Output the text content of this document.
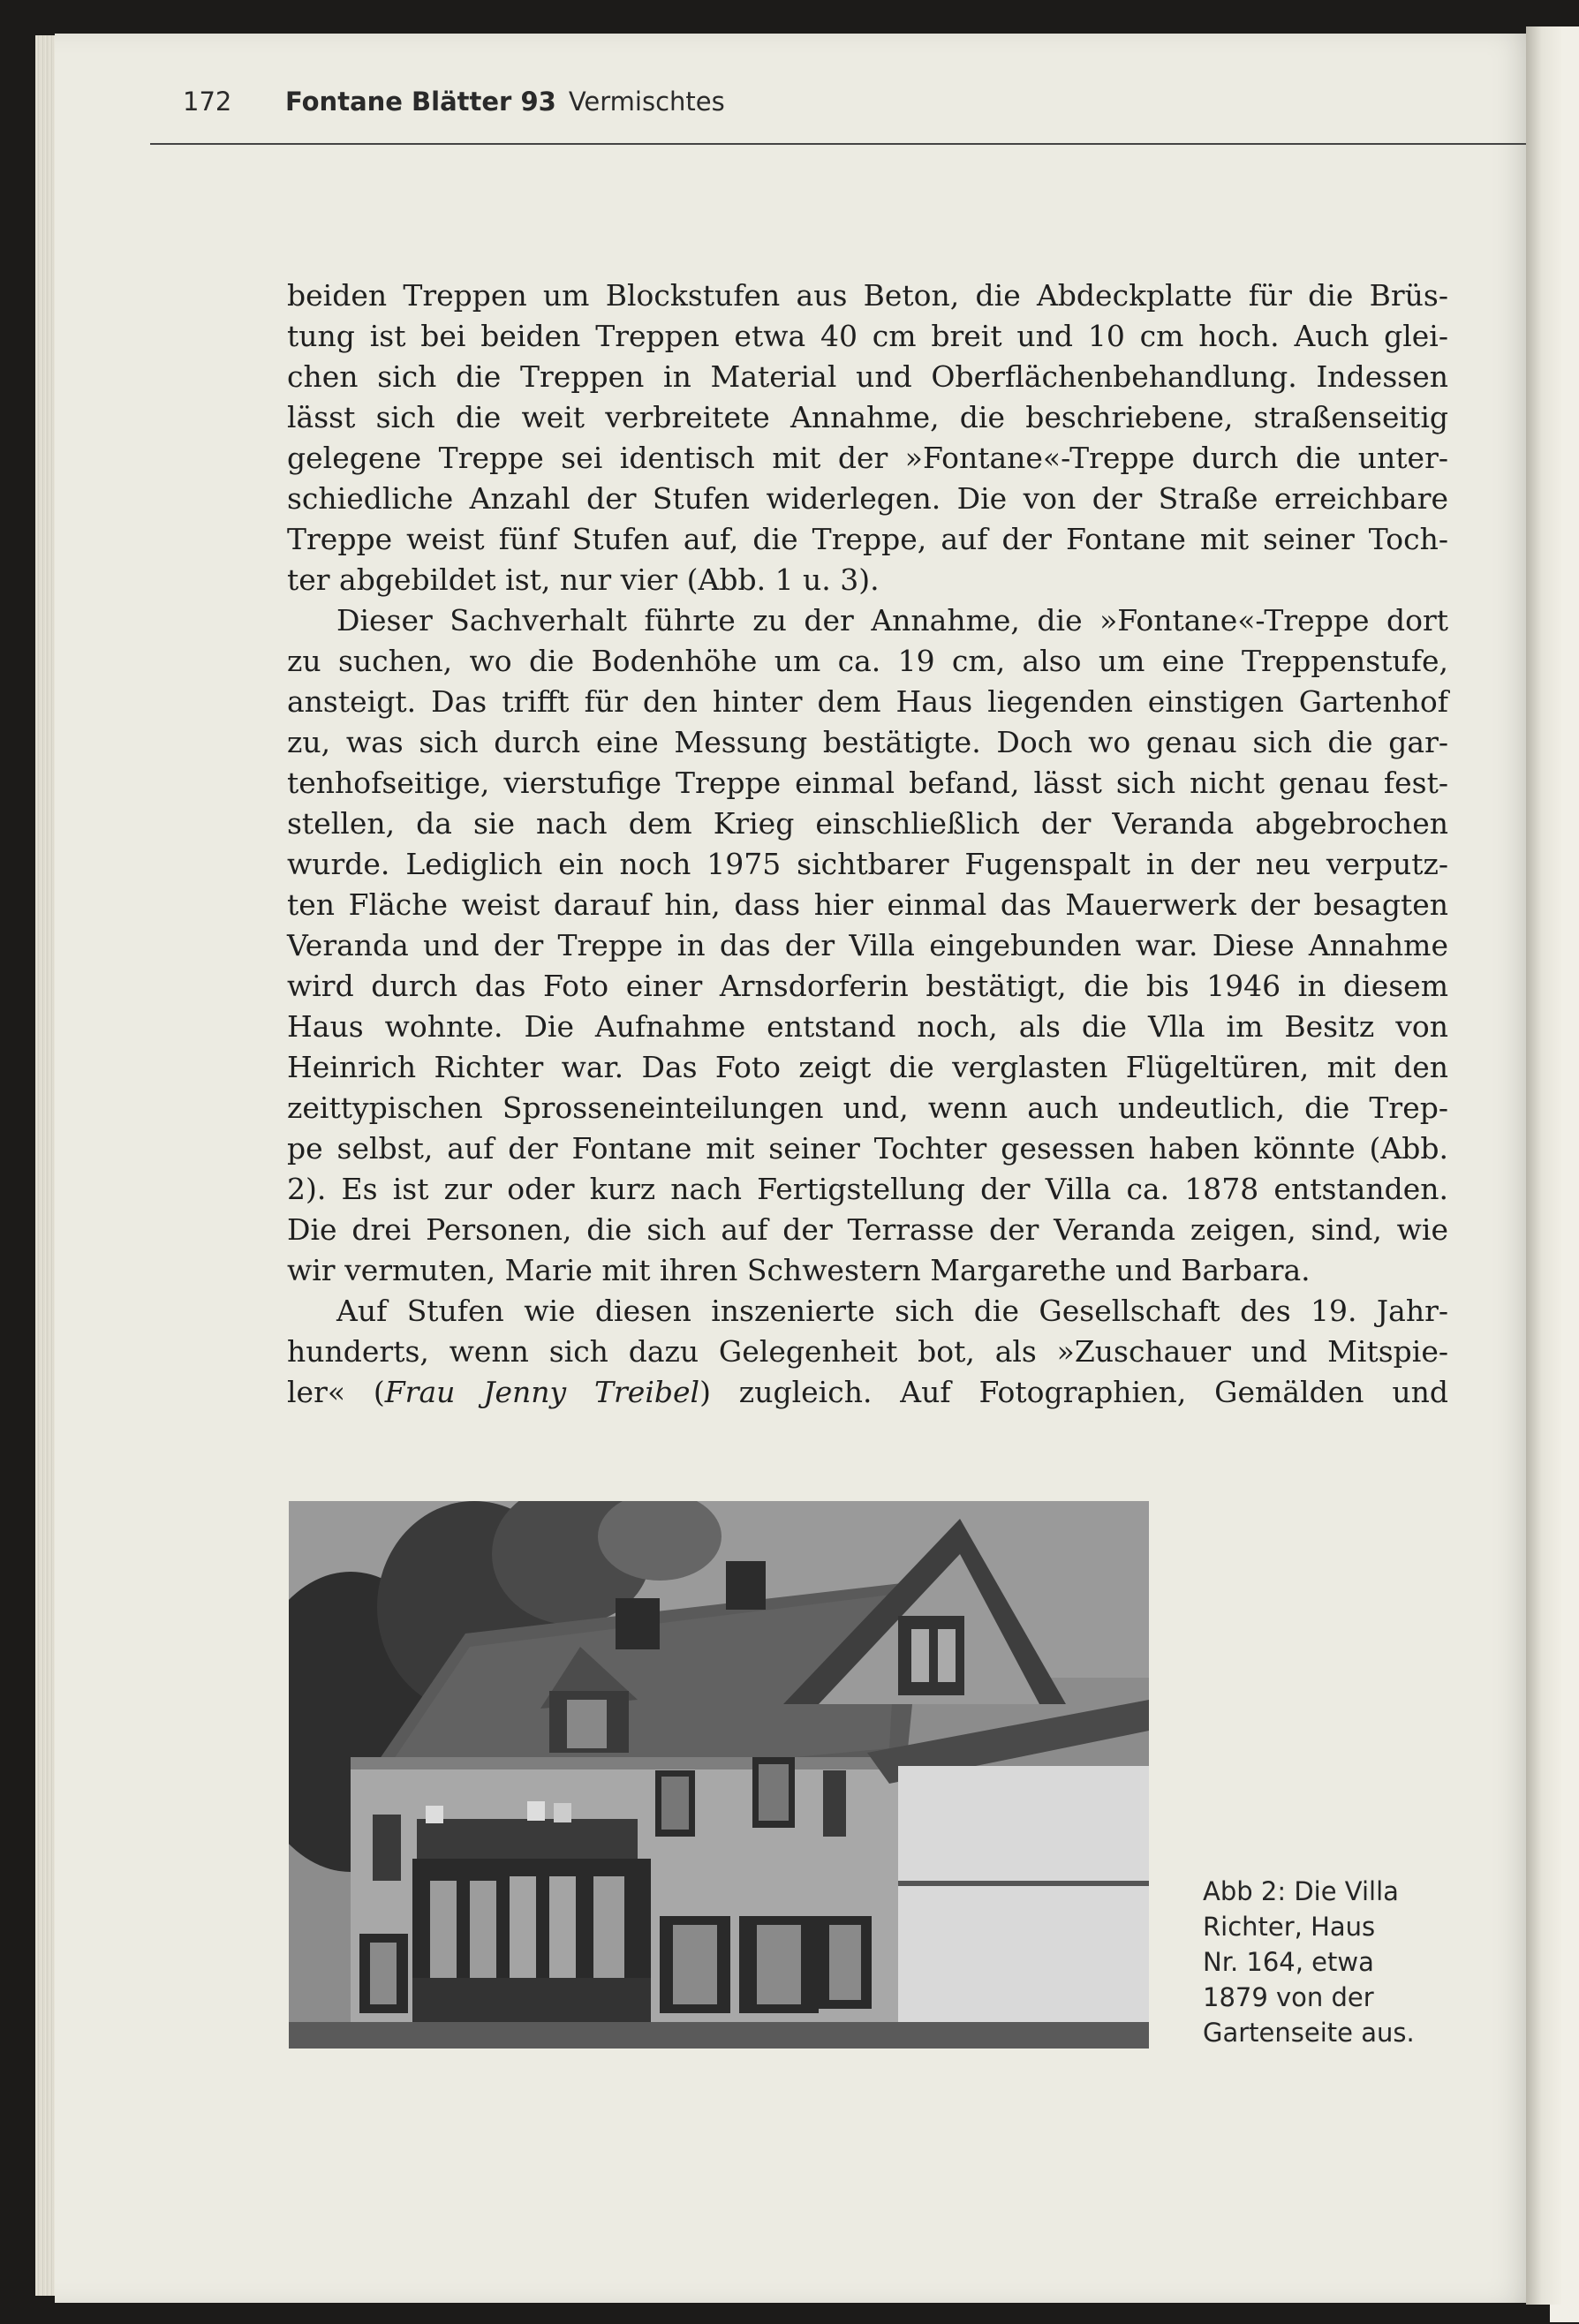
172 Fontane Blätter 93 Vermischtes
beiden Treppen um Blockstufen aus Beton, die Abdeckplatte für die Brüs-
tung ist bei beiden Treppen etwa 40 cm breit und 10 cm hoch. Auch glei-
chen sich die Treppen in Material und Oberflächenbehandlung. Indessen
lässt sich die weit verbreitete Annahme, die beschriebene, straßenseitig
gelegene Treppe sei identisch mit der »Fontane«-Treppe durch die unter-
schiedliche Anzahl der Stufen widerlegen. Die von der Straße erreichbare
Treppe weist fünf Stufen auf, die Treppe, auf der Fontane mit seiner Toch-
ter abgebildet ist, nur vier (Abb. 1 u. 3).
Dieser Sachverhalt führte zu der Annahme, die »Fontane«-Treppe dort
zu suchen, wo die Bodenhöhe um ca. 19 cm, also um eine Treppenstufe,
ansteigt. Das trifft für den hinter dem Haus liegenden einstigen Gartenhof
zu, was sich durch eine Messung bestätigte. Doch wo genau sich die gar-
tenhofseitige, vierstufige Treppe einmal befand, lässt sich nicht genau fest-
stellen, da sie nach dem Krieg einschließlich der Veranda abgebrochen
wurde. Lediglich ein noch 1975 sichtbarer Fugenspalt in der neu verputz-
ten Fläche weist darauf hin, dass hier einmal das Mauerwerk der besagten
Veranda und der Treppe in das der Villa eingebunden war. Diese Annahme
wird durch das Foto einer Arnsdorferin bestätigt, die bis 1946 in diesem
Haus wohnte. Die Aufnahme entstand noch, als die Vlla im Besitz von
Heinrich Richter war. Das Foto zeigt die verglasten Flügeltüren, mit den
zeittypischen Sprosseneinteilungen und, wenn auch undeutlich, die Trep-
pe selbst, auf der Fontane mit seiner Tochter gesessen haben könnte (Abb.
2). Es ist zur oder kurz nach Fertigstellung der Villa ca. 1878 entstanden.
Die drei Personen, die sich auf der Terrasse der Veranda zeigen, sind, wie
wir vermuten, Marie mit ihren Schwestern Margarethe und Barbara.
Auf Stufen wie diesen inszenierte sich die Gesellschaft des 19. Jahr-
hunderts, wenn sich dazu Gelegenheit bot, als »Zuschauer und Mitspie-
ler« (Frau Jenny Treibel) zugleich. Auf Fotographien, Gemälden und
Abb 2: Die Villa
Richter, Haus
Nr. 164, etwa
1879 von der
Gartenseite aus.
